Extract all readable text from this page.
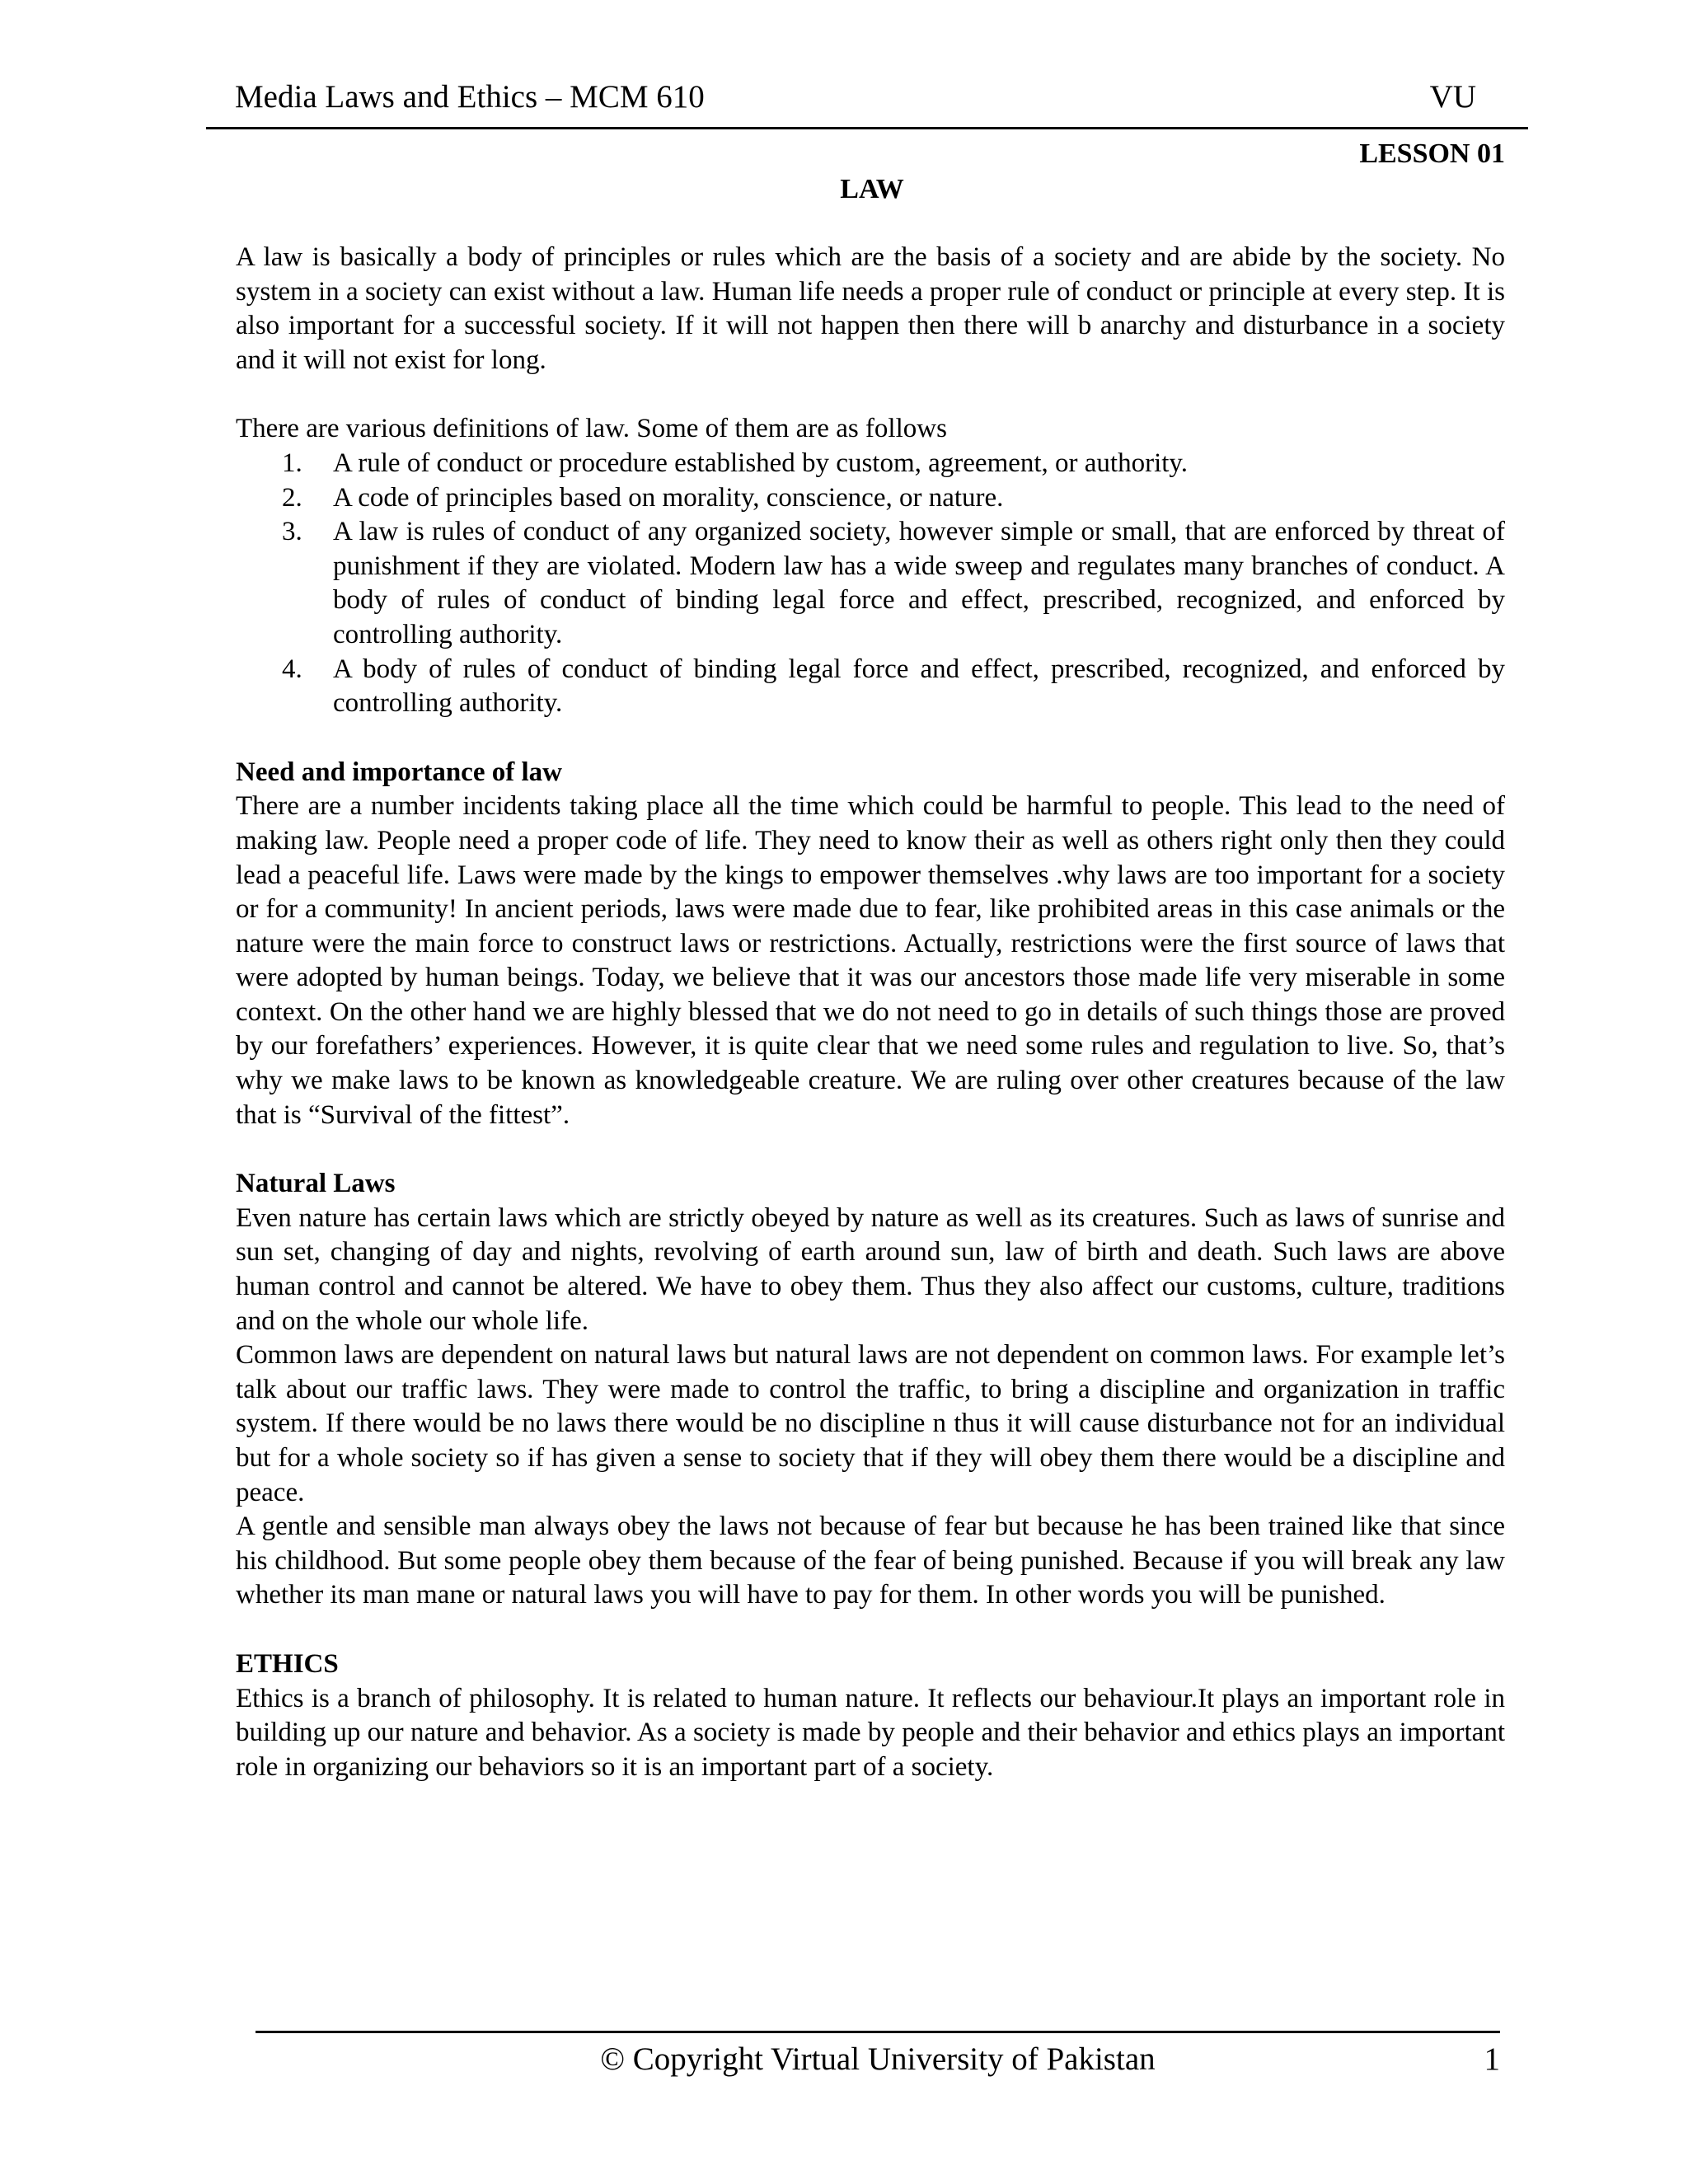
Media Laws and Ethics – MCM 610	VU
LESSON 01
LAW

A law is basically a body of principles or rules which are the basis of a society and are abide by the society. No system in a society can exist without a law. Human life needs a proper rule of conduct or principle at every step. It is also important for a successful society. If it will not happen then there will b anarchy and disturbance in a society and it will not exist for long.

There are various definitions of law. Some of them are as follows

1. A rule of conduct or procedure established by custom, agreement, or authority.
2. A code of principles based on morality, conscience, or nature.
3. A law is rules of conduct of any organized society, however simple or small, that are enforced by threat of punishment if they are violated. Modern law has a wide sweep and regulates many branches of conduct. A body of rules of conduct of binding legal force and effect, prescribed, recognized, and enforced by controlling authority.
4. A body of rules of conduct of binding legal force and effect, prescribed, recognized, and enforced by controlling authority.

Need and importance of law

There are a number incidents taking place all the time which could be harmful to people. This lead to the need of making law. People need a proper code of life. They need to know their as well as others right only then they could lead a peaceful life. Laws were made by the kings to empower themselves .why laws are too important for a society or for a community! In ancient periods, laws were made due to fear, like prohibited areas in this case animals or the nature were the main force to construct laws or restrictions. Actually, restrictions were the first source of laws that were adopted by human beings. Today, we believe that it was our ancestors those made life very miserable in some context. On the other hand we are highly blessed that we do not need to go in details of such things those are proved by our forefathers’ experiences. However, it is quite clear that we need some rules and regulation to live. So, that’s why we make laws to be known as knowledgeable creature. We are ruling over other creatures because of the law that is “Survival of the fittest”.

Natural Laws

Even nature has certain laws which are strictly obeyed by nature as well as its creatures. Such as laws of sunrise and sun set, changing of day and nights, revolving of earth around sun, law of birth and death. Such laws are above human control and cannot be altered. We have to obey them. Thus they also affect our customs, culture, traditions and on the whole our whole life.

Common laws are dependent on natural laws but natural laws are not dependent on common laws. For example let’s talk about our traffic laws. They were made to control the traffic, to bring a discipline and organization in traffic system. If there would be no laws there would be no discipline n thus it will cause disturbance not for an individual but for a whole society so if has given a sense to society that if they will obey them there would be a discipline and peace.

A gentle and sensible man always obey the laws not because of fear but because he has been trained like that since his childhood. But some people obey them because of the fear of being punished. Because if you will break any law whether its man mane or natural laws you will have to pay for them. In other words you will be punished.

ETHICS

Ethics is a branch of philosophy. It is related to human nature. It reflects our behaviour.It plays an important role in building up our nature and behavior. As a society is made by people and their behavior and ethics plays an important role in organizing our behaviors so it is an important part of a society.

© Copyright Virtual University of Pakistan	1
